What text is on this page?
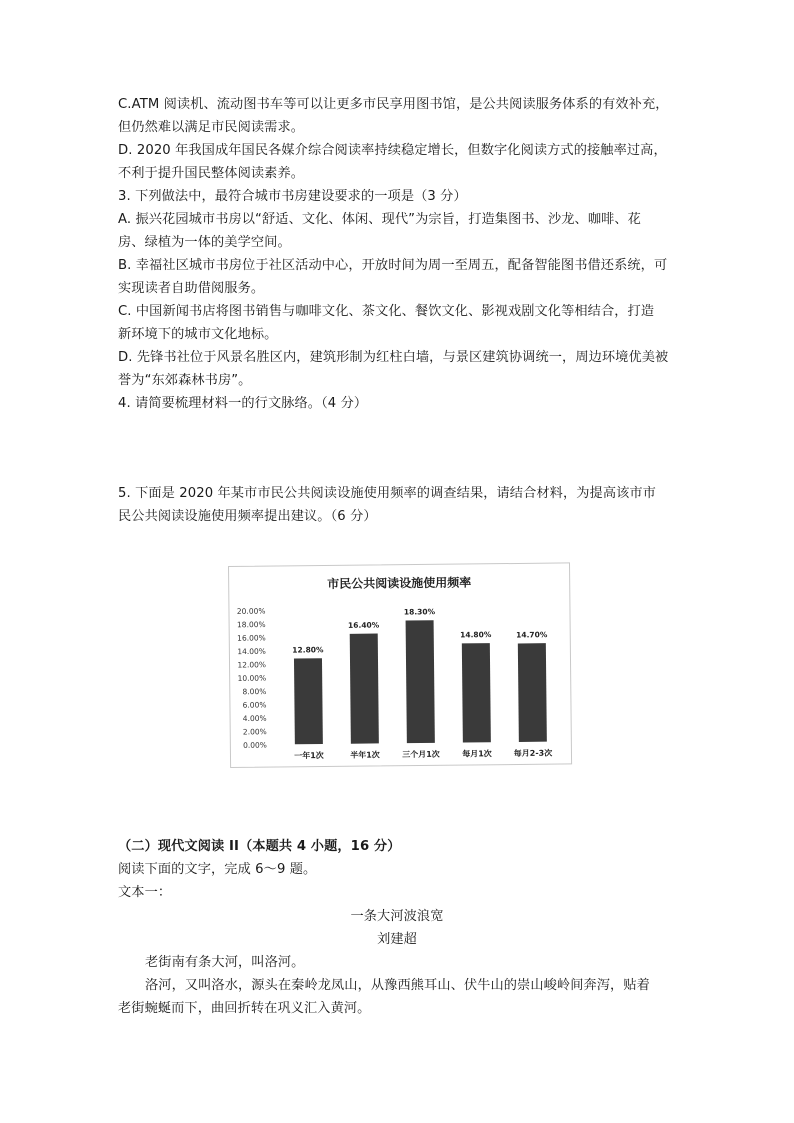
C.ATM 阅读机、流动图书车等可以让更多市民享用图书馆，是公共阅读服务体系的有效补充，
但仍然难以满足市民阅读需求。
D. 2020 年我国成年国民各媒介综合阅读率持续稳定增长，但数字化阅读方式的接触率过高，
不利于提升国民整体阅读素养。
3. 下列做法中，最符合城市书房建设要求的一项是（3 分）
A. 振兴花园城市书房以“舒适、文化、体闲、现代”为宗旨，打造集图书、沙龙、咖啡、花
房、绿植为一体的美学空间。
B. 幸福社区城市书房位于社区活动中心，开放时间为周一至周五，配备智能图书借还系统，可
实现读者自助借阅服务。
C. 中国新闻书店将图书销售与咖啡文化、茶文化、餐饮文化、影视戏剧文化等相结合，打造
新环境下的城市文化地标。
D. 先锋书社位于风景名胜区内，建筑形制为红柱白墙，与景区建筑协调统一，周边环境优美被
誉为“东郊森林书房”。
4. 请简要梳理材料一的行文脉络。（4 分）
5. 下面是 2020 年某市市民公共阅读设施使用频率的调查结果，请结合材料，为提高该市市
民公共阅读设施使用频率提出建议。（6 分）
市民公共阅读设施使用频率
0.00%
2.00%
4.00%
6.00%
8.00%
10.00%
12.00%
14.00%
16.00%
18.00%
20.00%
12.80%
一年1次
16.40%
半年1次
18.30%
三个月1次
14.80%
每月1次
14.70%
每月2-3次
（二）现代文阅读 II（本题共 4 小题，16 分）
阅读下面的文字，完成 6～9 题。
文本一：
一条大河波浪宽
刘建超
老街南有条大河，叫洛河。
洛河，又叫洛水，源头在秦岭龙凤山，从豫西熊耳山、伏牛山的崇山峻岭间奔泻，贴着
老街蜿蜒而下，曲回折转在巩义汇入黄河。
